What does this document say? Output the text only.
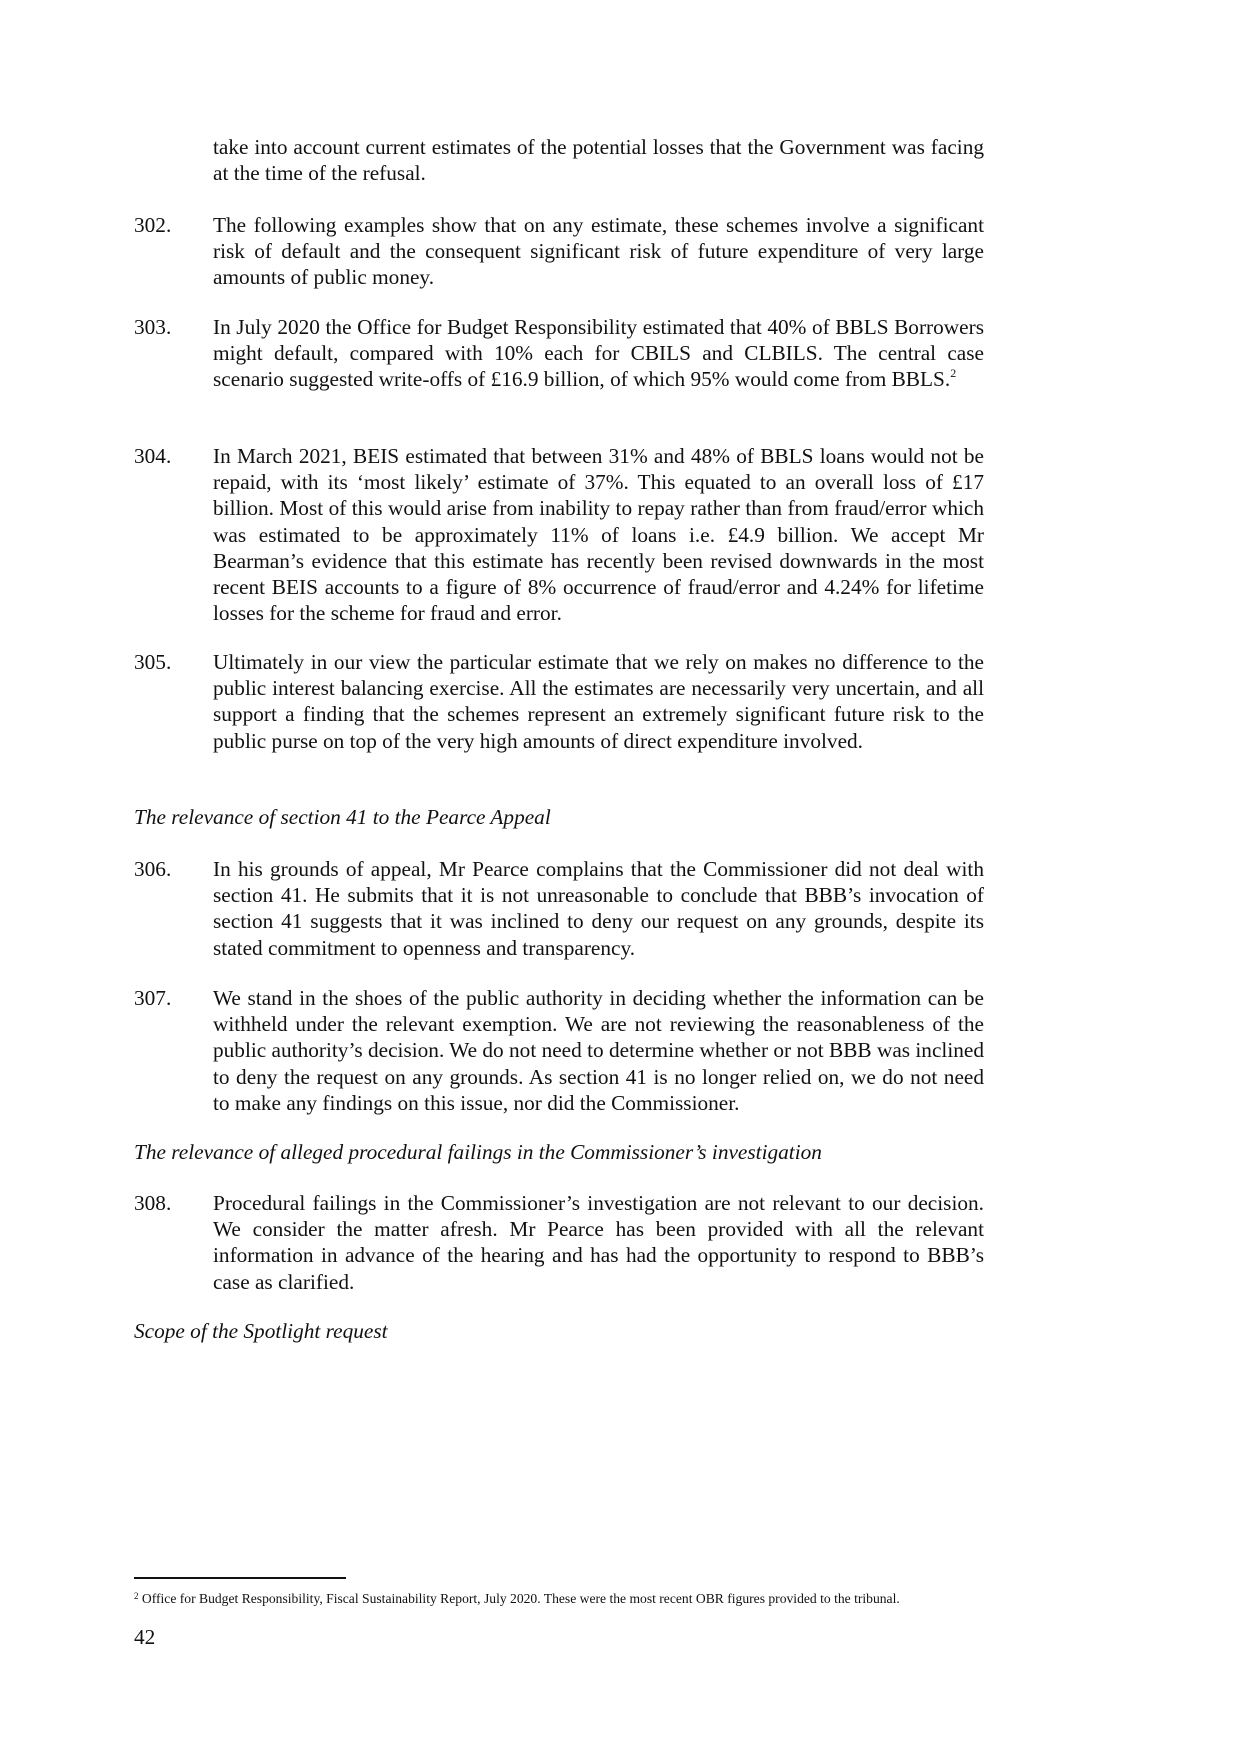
take into account current estimates of the potential losses that the Government was facing at the time of the refusal.
302.	The following examples show that on any estimate, these schemes involve a significant risk of default and the consequent significant risk of future expenditure of very large amounts of public money.
303.	In July 2020 the Office for Budget Responsibility estimated that 40% of BBLS Borrowers might default, compared with 10% each for CBILS and CLBILS. The central case scenario suggested write-offs of £16.9 billion, of which 95% would come from BBLS.$^2$
304.	In March 2021, BEIS estimated that between 31% and 48% of BBLS loans would not be repaid, with its ‘most likely’ estimate of 37%. This equated to an overall loss of £17 billion. Most of this would arise from inability to repay rather than from fraud/error which was estimated to be approximately 11% of loans i.e. £4.9 billion. We accept Mr Bearman’s evidence that this estimate has recently been revised downwards in the most recent BEIS accounts to a figure of 8% occurrence of fraud/error and 4.24% for lifetime losses for the scheme for fraud and error.
305.	Ultimately in our view the particular estimate that we rely on makes no difference to the public interest balancing exercise. All the estimates are necessarily very uncertain, and all support a finding that the schemes represent an extremely significant future risk to the public purse on top of the very high amounts of direct expenditure involved.
The relevance of section 41 to the Pearce Appeal
306.	In his grounds of appeal, Mr Pearce complains that the Commissioner did not deal with section 41. He submits that it is not unreasonable to conclude that BBB’s invocation of section 41 suggests that it was inclined to deny our request on any grounds, despite its stated commitment to openness and transparency.
307.	We stand in the shoes of the public authority in deciding whether the information can be withheld under the relevant exemption. We are not reviewing the reasonableness of the public authority’s decision. We do not need to determine whether or not BBB was inclined to deny the request on any grounds. As section 41 is no longer relied on, we do not need to make any findings on this issue, nor did the Commissioner.
The relevance of alleged procedural failings in the Commissioner’s investigation
308.	Procedural failings in the Commissioner’s investigation are not relevant to our decision. We consider the matter afresh. Mr Pearce has been provided with all the relevant information in advance of the hearing and has had the opportunity to respond to BBB’s case as clarified.
Scope of the Spotlight request
$^2$ Office for Budget Responsibility, Fiscal Sustainability Report, July 2020. These were the most recent OBR figures provided to the tribunal.
42
